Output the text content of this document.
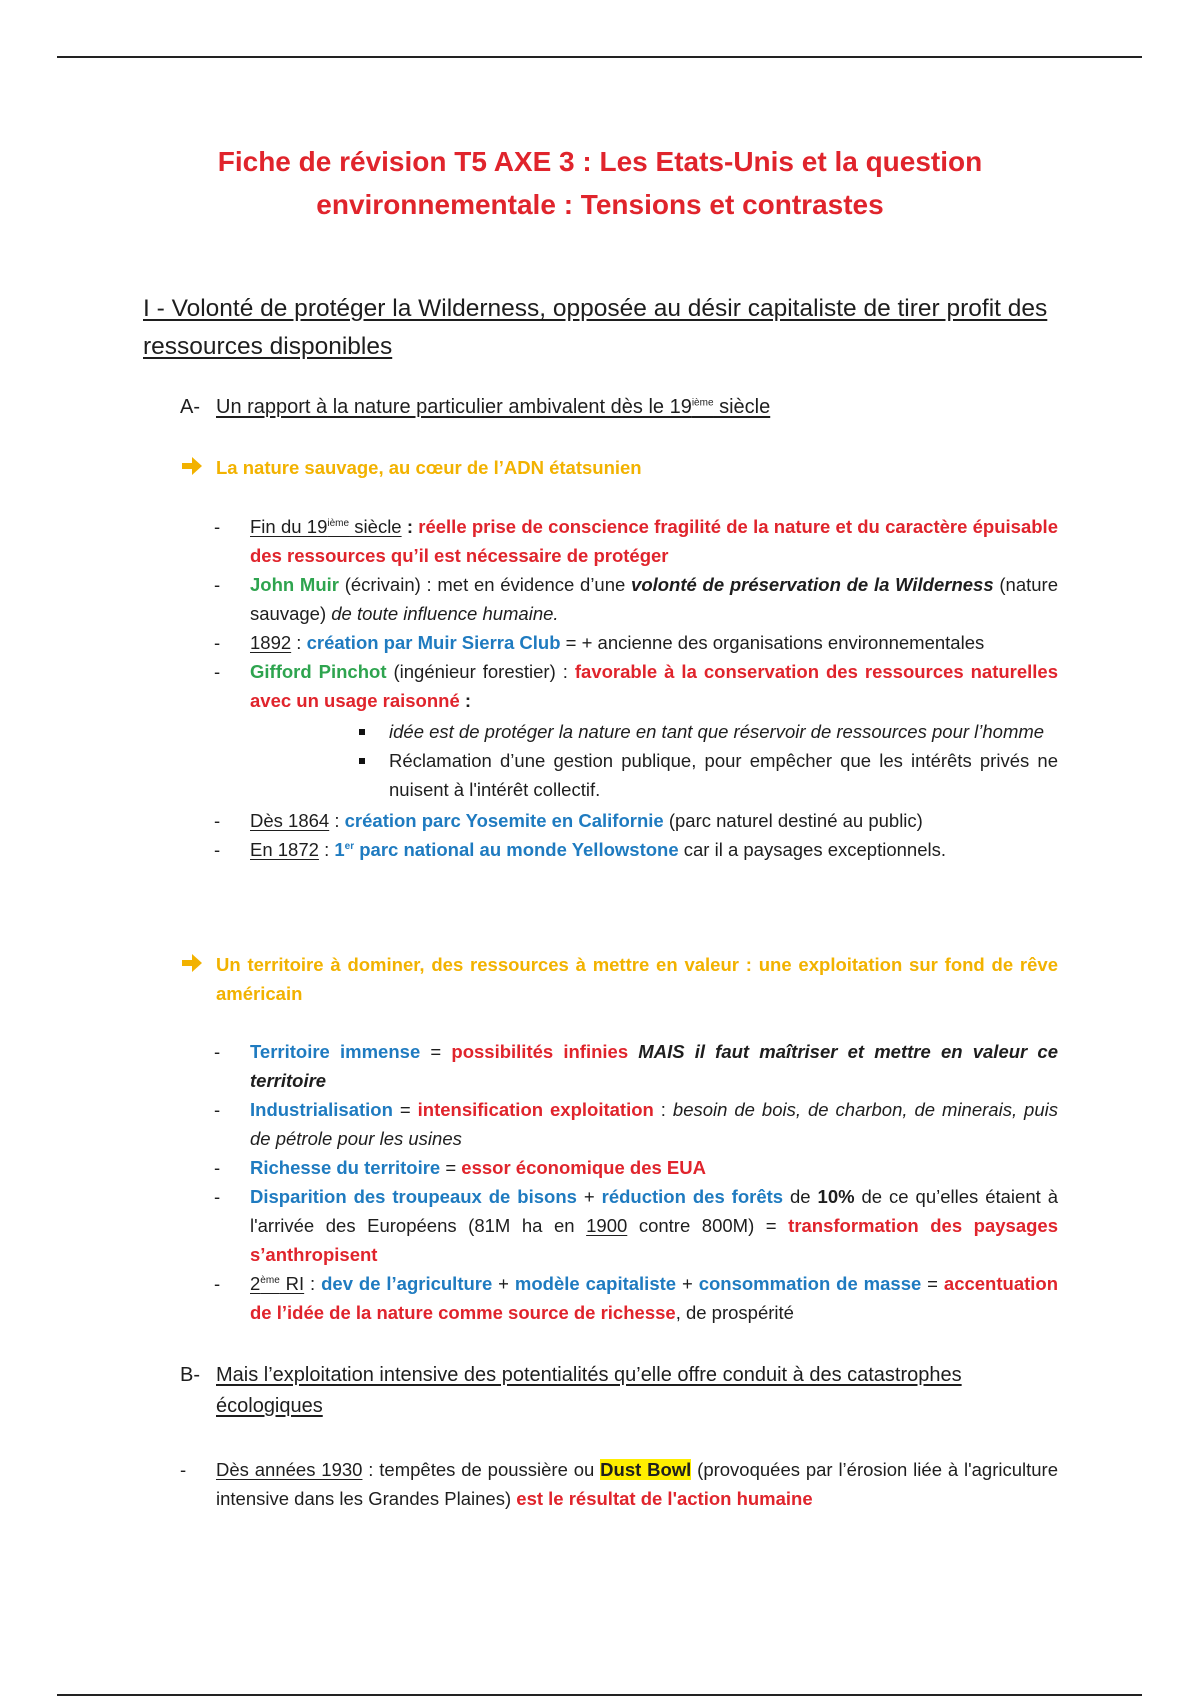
Fiche de révision T5 AXE 3 : Les Etats-Unis et la question environnementale : Tensions et contrastes
I - Volonté de protéger la Wilderness, opposée au désir capitaliste de tirer profit des ressources disponibles
A- Un rapport à la nature particulier ambivalent dès le 19ième siècle
La nature sauvage, au cœur de l’ADN étatsunien
- Fin du 19ième siècle : réelle prise de conscience fragilité de la nature et du caractère épuisable des ressources qu’il est nécessaire de protéger
- John Muir (écrivain) : met en évidence d’une volonté de préservation de la Wilderness (nature sauvage) de toute influence humaine.
- 1892 : création par Muir Sierra Club = + ancienne des organisations environnementales
- Gifford Pinchot (ingénieur forestier) : favorable à la conservation des ressources naturelles avec un usage raisonné :
idée est de protéger la nature en tant que réservoir de ressources pour l’homme
Réclamation d’une gestion publique, pour empêcher que les intérêts privés ne nuisent à l'intérêt collectif.
- Dès 1864 : création parc Yosemite en Californie (parc naturel destiné au public)
- En 1872 : 1er parc national au monde Yellowstone car il a paysages exceptionnels.
Un territoire à dominer, des ressources à mettre en valeur : une exploitation sur fond de rêve américain
- Territoire immense = possibilités infinies MAIS il faut maîtriser et mettre en valeur ce territoire
- Industrialisation = intensification exploitation : besoin de bois, de charbon, de minerais, puis de pétrole pour les usines
- Richesse du territoire = essor économique des EUA
- Disparition des troupeaux de bisons + réduction des forêts de 10% de ce qu’elles étaient à l'arrivée des Européens (81M ha en 1900 contre 800M) = transformation des paysages s’anthropisent
- 2ème RI : dev de l’agriculture + modèle capitaliste + consommation de masse = accentuation de l’idée de la nature comme source de richesse, de prospérité
B- Mais l’exploitation intensive des potentialités qu’elle offre conduit à des catastrophes écologiques
- Dès années 1930 : tempêtes de poussière ou Dust Bowl (provoquées par l’érosion liée à l'agriculture intensive dans les Grandes Plaines) est le résultat de l'action humaine
